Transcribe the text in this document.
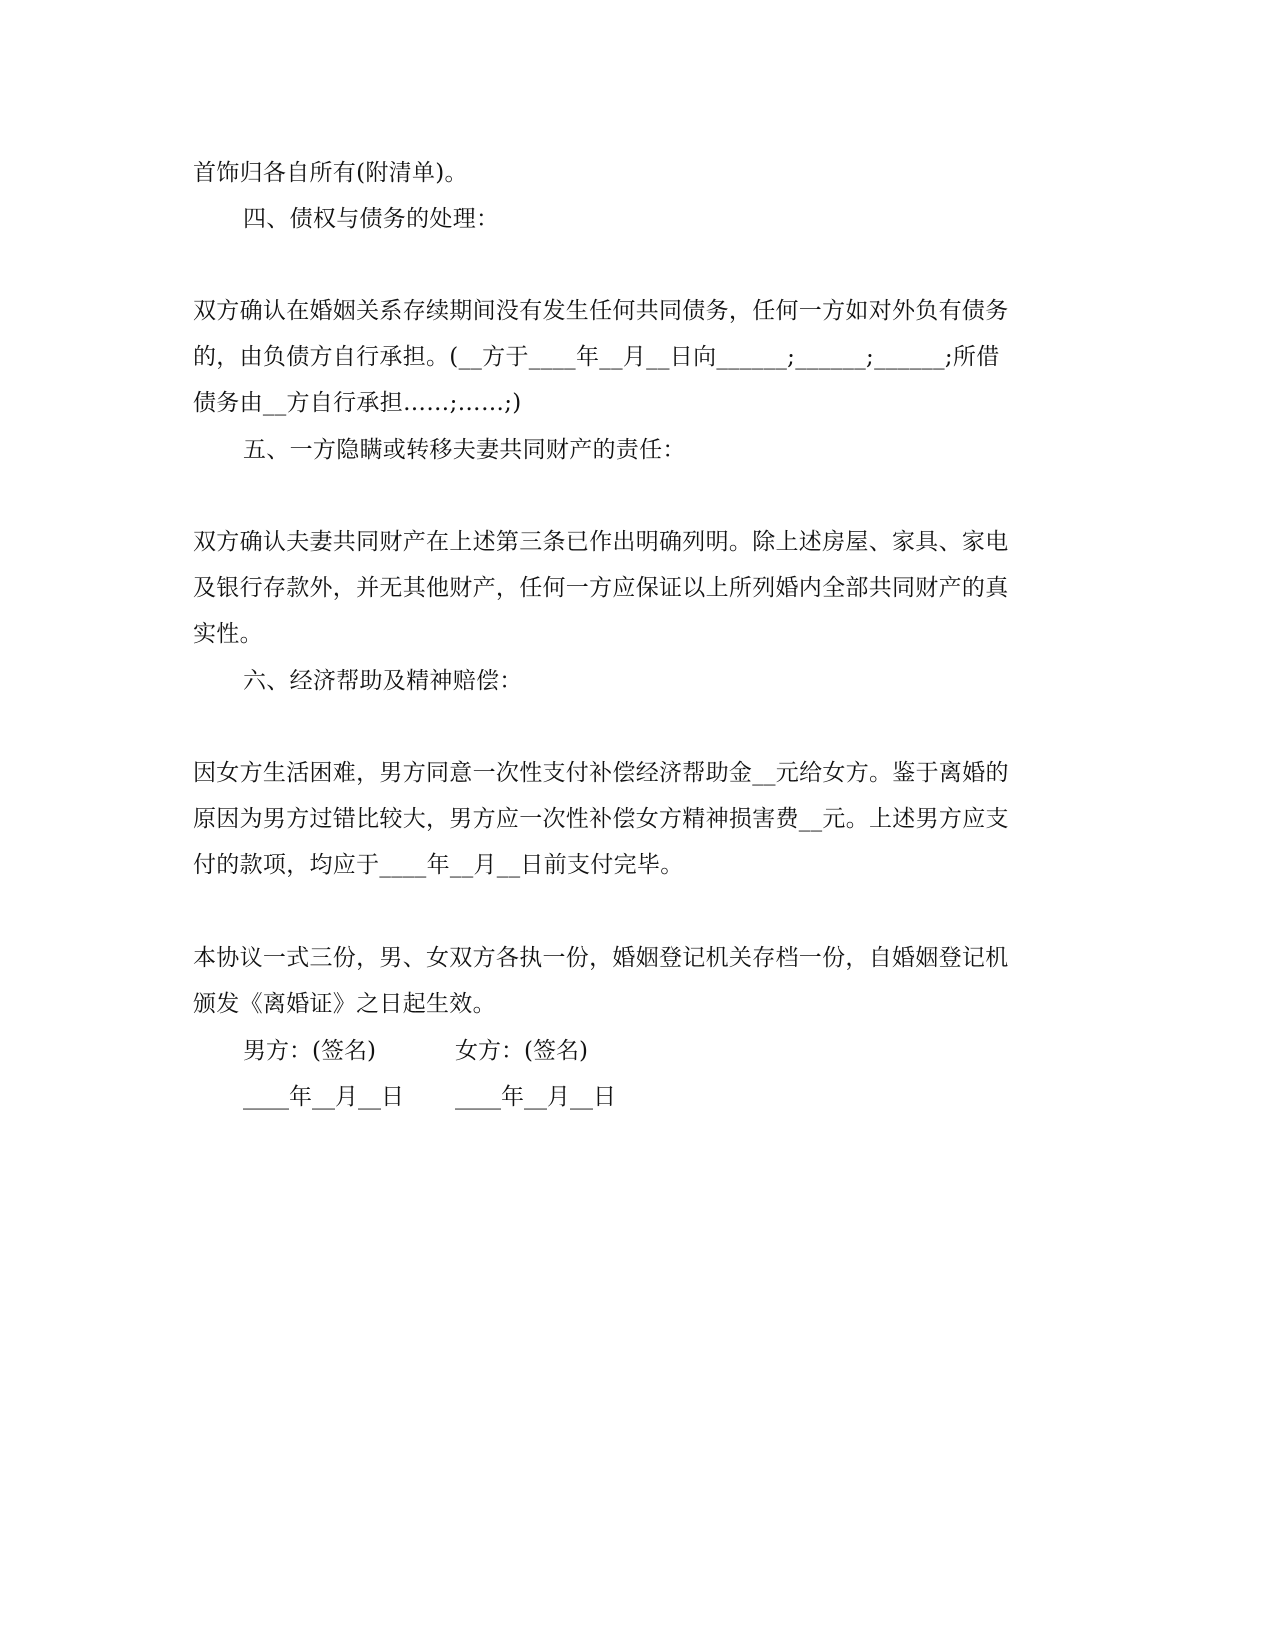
首饰归各自所有(附清单)。
四、债权与债务的处理：
双方确认在婚姻关系存续期间没有发生任何共同债务，任何一方如对外负有债务
的，由负债方自行承担。(__方于____年__月__日向______;______;______;所借
债务由__方自行承担……;……;)
五、一方隐瞒或转移夫妻共同财产的责任：
双方确认夫妻共同财产在上述第三条已作出明确列明。除上述房屋、家具、家电
及银行存款外，并无其他财产，任何一方应保证以上所列婚内全部共同财产的真
实性。
六、经济帮助及精神赔偿：
因女方生活困难，男方同意一次性支付补偿经济帮助金__元给女方。鉴于离婚的
原因为男方过错比较大，男方应一次性补偿女方精神损害费__元。上述男方应支
付的款项，均应于____年__月__日前支付完毕。
本协议一式三份，男、女双方各执一份，婚姻登记机关存档一份，自婚姻登记机
颁发《离婚证》之日起生效。
男方：(签名)	女方：(签名)
____年__月__日 ____年__月__日
